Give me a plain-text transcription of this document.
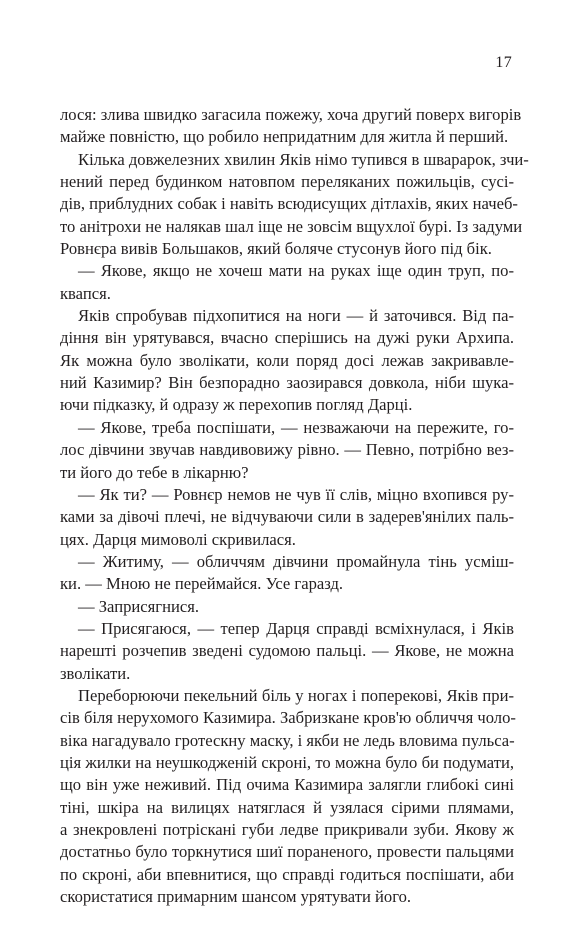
17
лося: злива швидко загасила пожежу, хоча другий поверх вигорів
майже повністю, що робило непридатним для житла й перший.
Кілька довжелезних хвилин Яків німо тупився в шварарок, зчи-
нений перед будинком натовпом переляканих пожильців, сусі-
дів, приблудних собак і навіть всюдисущих дітлахів, яких начеб-
то анітрохи не налякав шал іще не зовсім вщухлої бурі. Із задуми
Ровнєра вивів Большаков, який боляче стусонув його під бік.
— Якове, якщо не хочеш мати на руках іще один труп, по-
квапся.
Яків спробував підхопитися на ноги — й заточився. Від па-
діння він урятувався, вчасно сперішись на дужі руки Архипа.
Як можна було зволікати, коли поряд досі лежав закривавле-
ний Казимир? Він безпорадно заозирався довкола, ніби шука-
ючи підказку, й одразу ж перехопив погляд Дарці.
— Якове, треба поспішати, — незважаючи на пережите, го-
лос дівчини звучав навдивовижу рівно. — Певно, потрібно вез-
ти його до тебе в лікарню?
— Як ти? — Ровнєр немов не чув її слів, міцно вхопився ру-
ками за дівочі плечі, не відчуваючи сили в задерев'янілих паль-
цях. Дарця мимоволі скривилася.
— Житиму, — обличчям дівчини промайнула тінь усміш-
ки. — Мною не переймайся. Усе гаразд.
— Заприсягнися.
— Присягаюся, — тепер Дарця справді всміхнулася, і Яків
нарешті розчепив зведені судомою пальці. — Якове, не можна
зволікати.
Переборюючи пекельний біль у ногах і поперекові, Яків при-
сів біля нерухомого Казимира. Забризкане кров'ю обличчя чоло-
віка нагадувало гротескну маску, і якби не ледь вловима пульса-
ція жилки на неушкодженій скроні, то можна було би подумати,
що він уже неживий. Під очима Казимира залягли глибокі сині
тіні, шкіра на вилицях натяглася й узялася сірими плямами,
а знекровлені потріскані губи ледве прикривали зуби. Якову ж
достатньо було торкнутися шиї пораненого, провести пальцями
по скроні, аби впевнитися, що справді годиться поспішати, аби
скористатися примарним шансом урятувати його.
